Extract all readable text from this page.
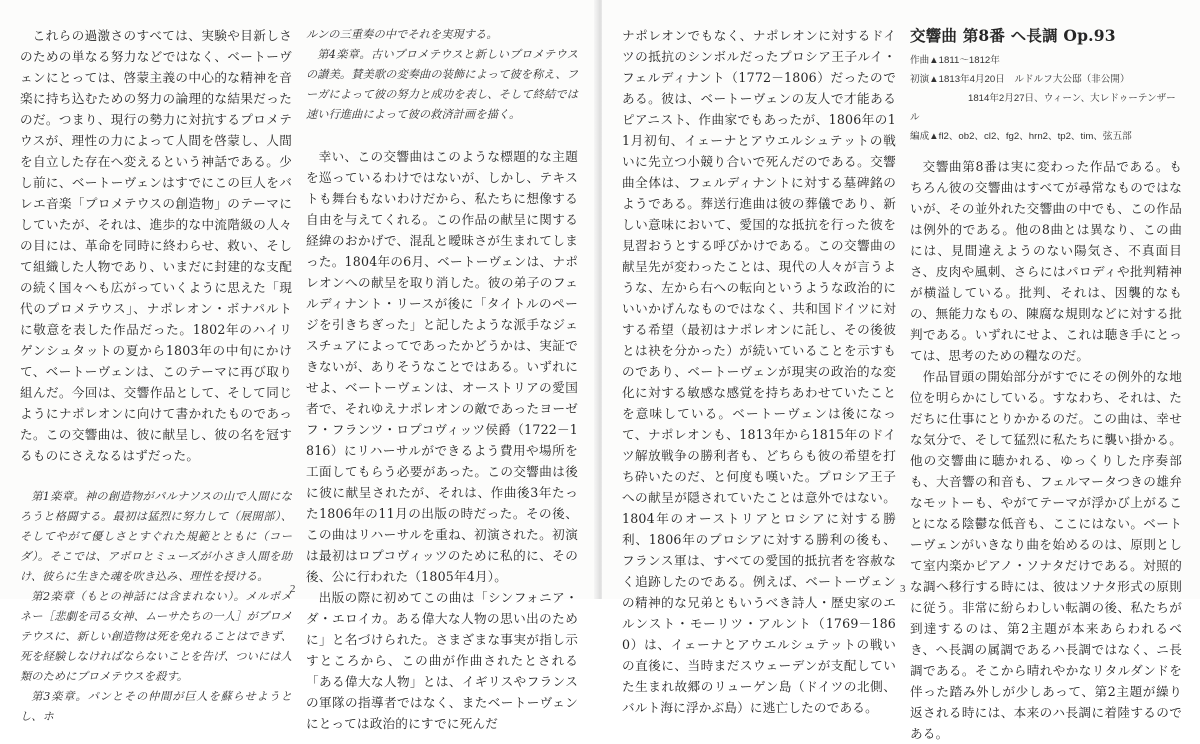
これらの過激さのすべては、実験や目新しさのための単なる努力などではなく、ベートーヴェンにとっては、啓蒙主義の中心的な精神を音楽に持ち込むための努力の論理的な結果だったのだ。つまり、現行の勢力に対抗するプロメテウスが、理性の力によって人間を啓蒙し、人間を自立した存在へ変えるという神話である。少し前に、ベートーヴェンはすでにこの巨人をバレエ音楽「プロメテウスの創造物」のテーマにしていたが、それは、進歩的な中流階級の人々の目には、革命を同時に終わらせ、救い、そして組織した人物であり、いまだに封建的な支配の続く国々へも広がっていくように思えた「現代のプロメテウス」、ナポレオン・ボナパルトに敬意を表した作品だった。1802年のハイリゲンシュタットの夏から1803年の中旬にかけて、ベートーヴェンは、このテーマに再び取り組んだ。今回は、交響作品として、そして同じようにナポレオンに向けて書かれたものであった。この交響曲は、彼に献呈し、彼の名を冠するものにさえなるはずだった。

第1楽章。神の創造物がパルナソスの山で人間になろうと格闘する。最初は猛烈に努力して（展開部）、そしてやがて優しさとすぐれた規範とともに（コーダ）。そこでは、アポロとミューズが小さき人間を助け、彼らに生きた魂を吹き込み、理性を授ける。

第2楽章（もとの神話には含まれない）。メルポメネー［悲劇を司る女神、ムーサたちの一人］がプロメテウスに、新しい創造物は死を免れることはできず、死を経験しなければならないことを告げ、ついには人類のためにプロメテウスを殺す。

第3楽章。パンとその仲間が巨人を蘇らせようとし、ホ

ルンの三重奏の中でそれを実現する。

第4楽章。古いプロメテウスと新しいプロメテウスの讃美。賛美歌の変奏曲の装飾によって彼を称え、フーガによって彼の努力と成功を表し、そして終結では速い行進曲によって彼の救済計画を描く。

幸い、この交響曲はこのような標題的な主題を巡っているわけではないが、しかし、テキストも舞台もないわけだから、私たちに想像する自由を与えてくれる。この作品の献呈に関する経緯のおかげで、混乱と曖昧さが生まれてしまった。1804年の6月、ベートーヴェンは、ナポレオンへの献呈を取り消した。彼の弟子のフェルディナント・リースが後に「タイトルのページを引きちぎった」と記したような派手なジェスチュアによってであったかどうかは、実証できないが、ありそうなことではある。いずれにせよ、ベートーヴェンは、オーストリアの愛国者で、それゆえナポレオンの敵であったヨーゼフ・フランツ・ロプコヴィッツ侯爵（1722－1816）にリハーサルができるよう費用や場所を工面してもらう必要があった。この交響曲は後に彼に献呈されたが、それは、作曲後3年たった1806年の11月の出版の時だった。その後、この曲はリハーサルを重ね、初演された。初演は最初はロプコヴィッツのために私的に、その後、公に行われた（1805年4月）。

出版の際に初めてこの曲は「シンフォニア・ダ・エロイカ。ある偉大な人物の思い出のために」と名づけられた。さまざまな事実が指し示すところから、この曲が作曲されたとされる「ある偉大な人物」とは、イギリスやフランスの軍隊の指導者ではなく、またベートーヴェンにとっては政治的にすでに死んだ

2

ナポレオンでもなく、ナポレオンに対するドイツの抵抗のシンボルだったプロシア王子ルイ・フェルディナント（1772－1806）だったのである。彼は、ベートーヴェンの友人で才能あるピアニスト、作曲家でもあったが、1806年の11月初旬、イェーナとアウエルシュテットの戦いに先立つ小競り合いで死んだのである。交響曲全体は、フェルディナントに対する墓碑銘のようである。葬送行進曲は彼の葬儀であり、新しい意味において、愛国的な抵抗を行った彼を見習おうとする呼びかけである。この交響曲の献呈先が変わったことは、現代の人々が言うような、左から右への転向というような政治的にいいかげんなものではなく、共和国ドイツに対する希望（最初はナポレオンに託し、その後彼とは袂を分かった）が続いていることを示すものであり、ベートーヴェンが現実の政治的な変化に対する敏感な感覚を持ちあわせていたことを意味している。ベートーヴェンは後になって、ナポレオンも、1813年から1815年のドイツ解放戦争の勝利者も、どちらも彼の希望を打ち砕いたのだ、と何度も嘆いた。プロシア王子への献呈が隠されていたことは意外ではない。1804年のオーストリアとロシアに対する勝利、1806年のプロシアに対する勝利の後も、フランス軍は、すべての愛国的抵抗者を容赦なく追跡したのである。例えば、ベートーヴェンの精神的な兄弟ともいうべき詩人・歴史家のエルンスト・モーリツ・アルント（1769－1860）は、イェーナとアウエルシュテットの戦いの直後に、当時まだスウェーデンが支配していた生まれ故郷のリューゲン島（ドイツの北側、バルト海に浮かぶ島）に逃亡したのである。

交響曲 第8番 ヘ長調 Op.93

作曲▲1811〜1812年

初演▲1813年4月20日　ルドルフ大公邸（非公開）

1814年2月27日、ウィーン、大レドゥーテンザール

編成▲fl2、ob2、cl2、fg2、hrn2、tp2、tim、弦五部

交響曲第8番は実に変わった作品である。もちろん彼の交響曲はすべてが尋常なものではないが、その並外れた交響曲の中でも、この作品は例外的である。他の8曲とは異なり、この曲には、見間違えようのない陽気さ、不真面目さ、皮肉や風刺、さらにはパロディや批判精神が横溢している。批判、それは、因襲的なもの、無能力なもの、陳腐な規則などに対する批判である。いずれにせよ、これは聴き手にとっては、思考のための糧なのだ。

作品冒頭の開始部分がすでにその例外的な地位を明らかにしている。すなわち、それは、ただちに仕事にとりかかるのだ。この曲は、幸せな気分で、そして猛烈に私たちに襲い掛かる。他の交響曲に聴かれる、ゆっくりした序奏部も、大音響の和音も、フェルマータつきの雄弁なモットーも、やがてテーマが浮かび上がることになる陰鬱な低音も、ここにはない。ベートーヴェンがいきなり曲を始めるのは、原則として室内楽かピアノ・ソナタだけである。対照的な調へ移行する時には、彼はソナタ形式の原則に従う。非常に紛らわしい転調の後、私たちが到達するのは、第2主題が本来あらわれるべき、ヘ長調の属調であるハ長調ではなく、ニ長調である。そこから晴れやかなリタルダンドを伴った踏み外しが少しあって、第2主題が繰り返される時には、本来のハ長調に着陸するのである。

3
